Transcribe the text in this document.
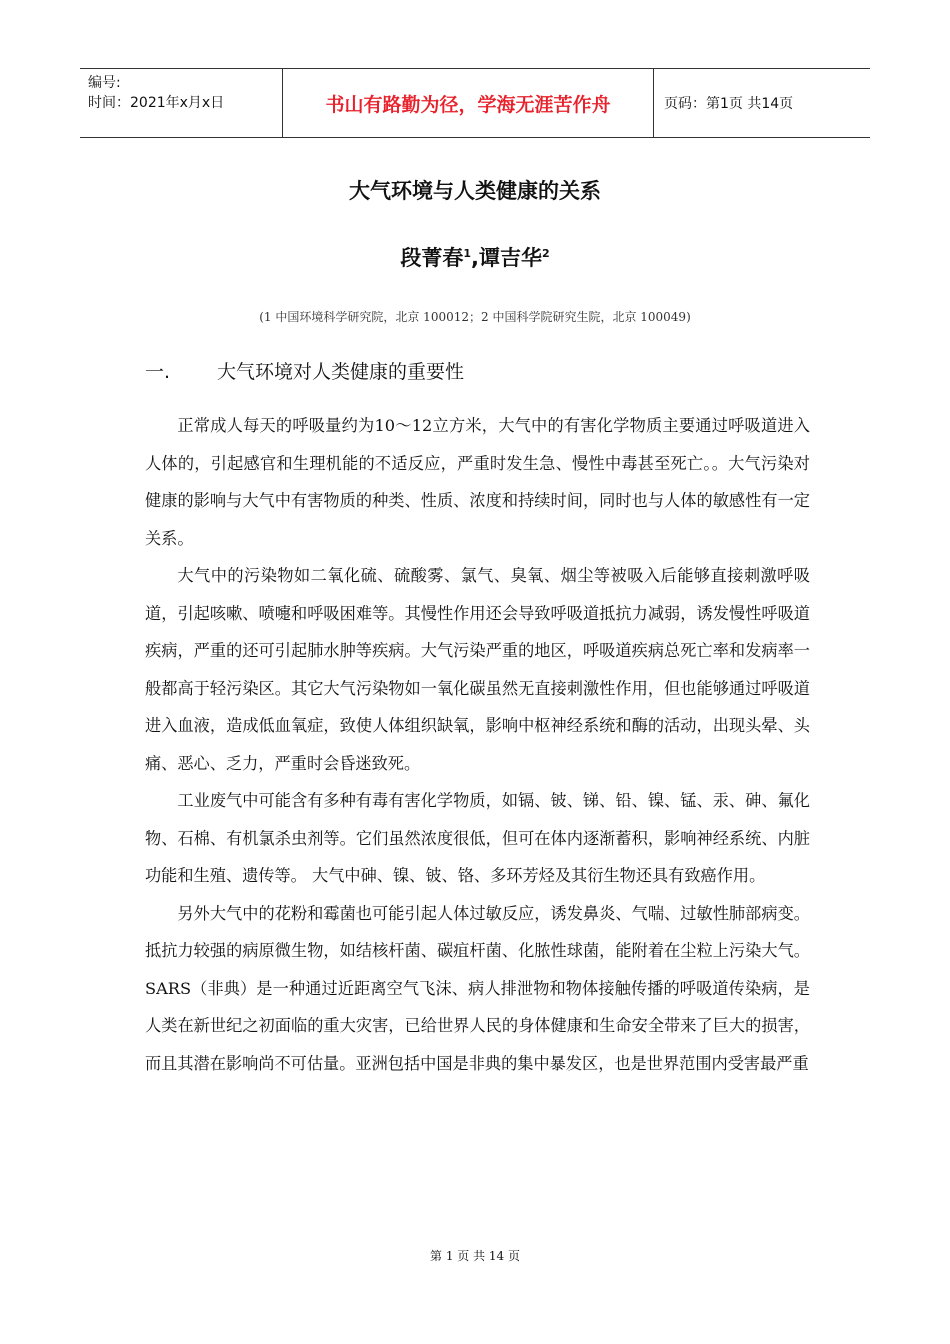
编号:
时间：2021年x月x日	书山有路勤为径，学海无涯苦作舟	页码：第1页 共14页
大气环境与人类健康的关系
段菁春$^1$,谭吉华$^2$
(1 中国环境科学研究院，北京 100012；2 中国科学院研究生院，北京 100049)
一. 大气环境对人类健康的重要性

正常成人每天的呼吸量约为10～12立方米，大气中的有害化学物质主要通过呼吸道进入人体的，引起感官和生理机能的不适反应，严重时发生急、慢性中毒甚至死亡。。大气污染对健康的影响与大气中有害物质的种类、性质、浓度和持续时间，同时也与人体的敏感性有一定关系。

大气中的污染物如二氧化硫、硫酸雾、氯气、臭氧、烟尘等被吸入后能够直接刺激呼吸道，引起咳嗽、喷嚏和呼吸困难等。其慢性作用还会导致呼吸道抵抗力减弱，诱发慢性呼吸道疾病，严重的还可引起肺水肿等疾病。大气污染严重的地区，呼吸道疾病总死亡率和发病率一般都高于轻污染区。其它大气污染物如一氧化碳虽然无直接刺激性作用，但也能够通过呼吸道进入血液，造成低血氧症，致使人体组织缺氧，影响中枢神经系统和酶的活动，出现头晕、头痛、恶心、乏力，严重时会昏迷致死。

工业废气中可能含有多种有毒有害化学物质，如镉、铍、锑、铅、镍、锰、汞、砷、氟化物、石棉、有机氯杀虫剂等。它们虽然浓度很低，但可在体内逐渐蓄积，影响神经系统、内脏功能和生殖、遗传等。 大气中砷、镍、铍、铬、多环芳烃及其衍生物还具有致癌作用。

另外大气中的花粉和霉菌也可能引起人体过敏反应，诱发鼻炎、气喘、过敏性肺部病变。抵抗力较强的病原微生物，如结核杆菌、碳疽杆菌、化脓性球菌，能附着在尘粒上污染大气。SARS（非典）是一种通过近距离空气飞沫、病人排泄物和物体接触传播的呼吸道传染病，是人类在新世纪之初面临的重大灾害，已给世界人民的身体健康和生命安全带来了巨大的损害，而且其潜在影响尚不可估量。亚洲包括中国是非典的集中暴发区，也是世界范围内受害最严重

第 1 页 共 14 页
